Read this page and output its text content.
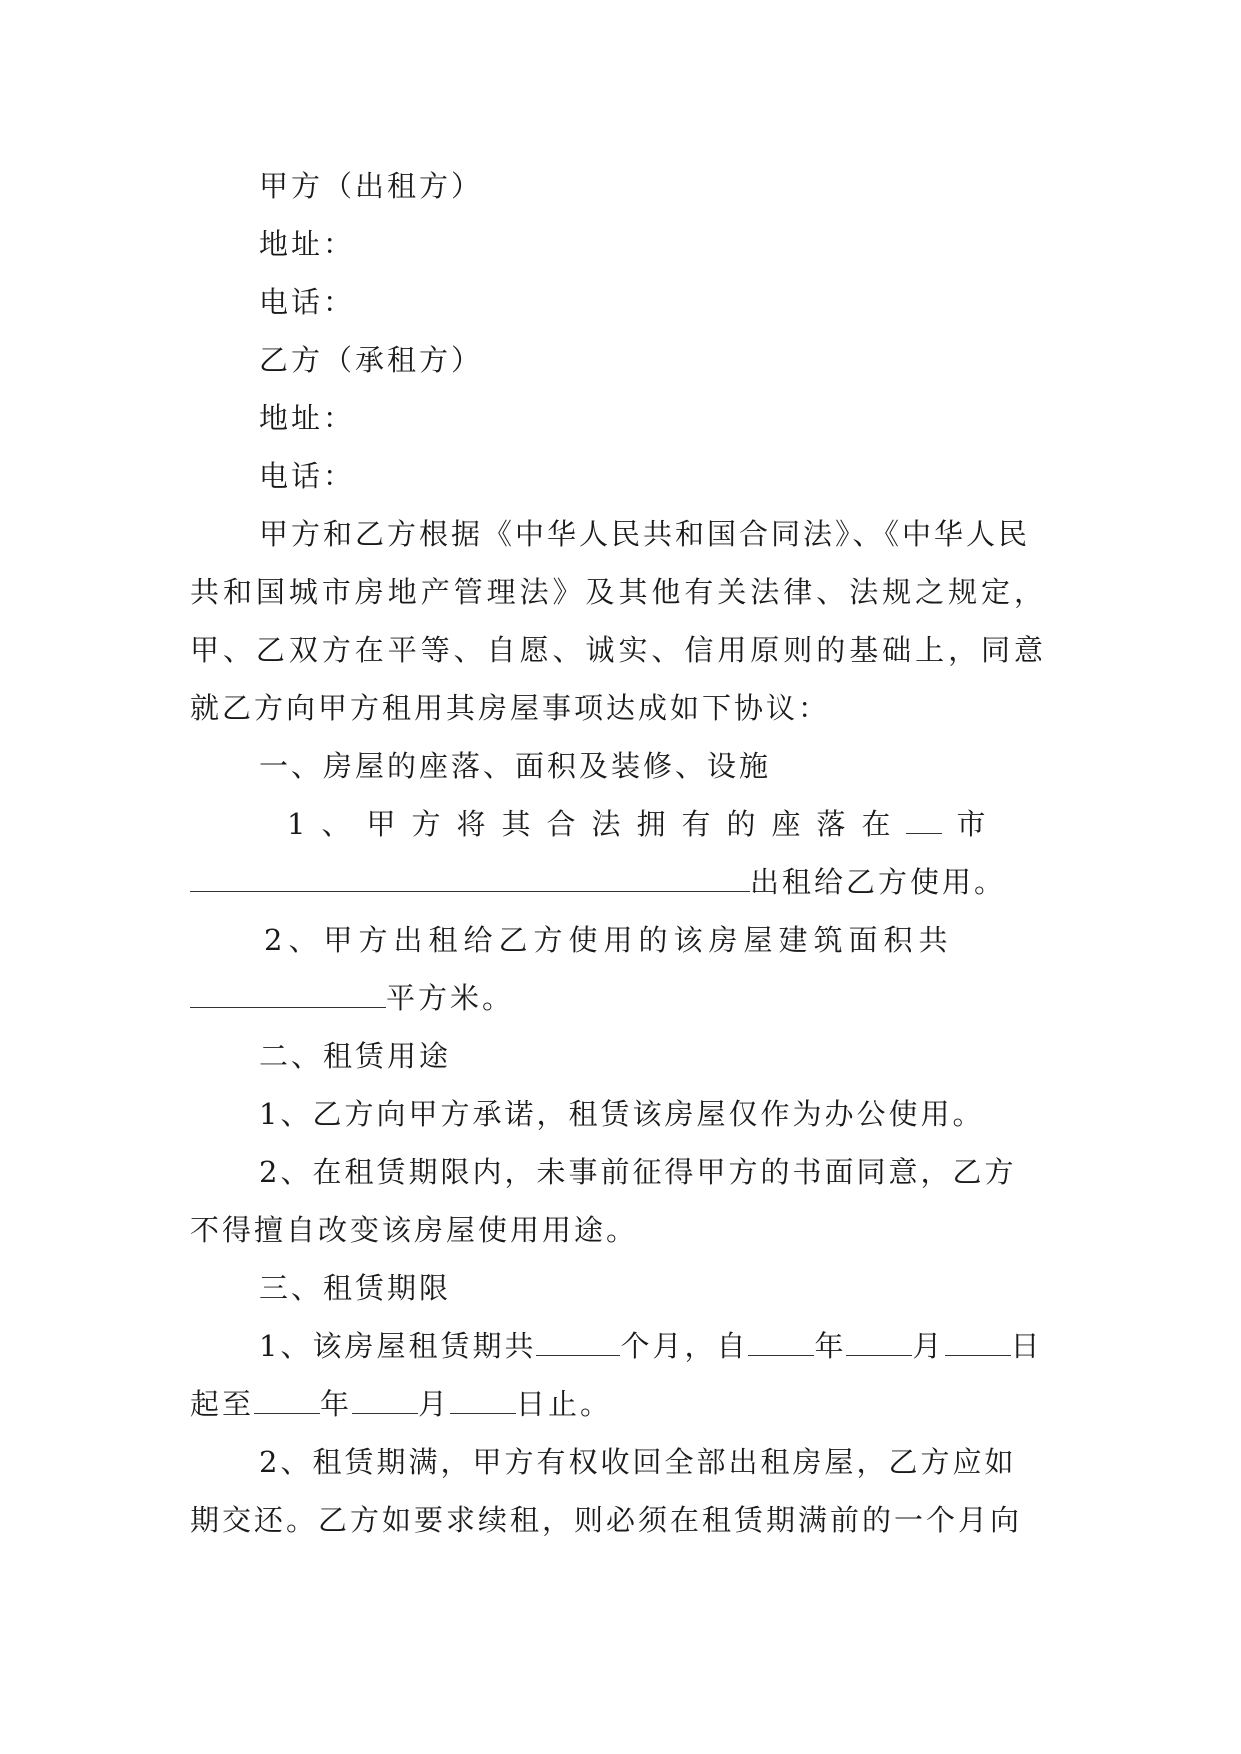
甲方（出租方）
地址：
电话：
乙方（承租方）
地址：
电话：
甲方和乙方根据《中华人民共和国合同法》、《中华人民
共和国城市房地产管理法》及其他有关法律、法规之规定，
甲、乙双方在平等、自愿、诚实、信用原则的基础上，同意
就乙方向甲方租用其房屋事项达成如下协议：
一、房屋的座落、面积及装修、设施
1、甲方将其合法拥有的座落在 市
出租给乙方使用。
2、甲方出租给乙方使用的该房屋建筑面积共
平方米。
二、租赁用途
1、乙方向甲方承诺，租赁该房屋仅作为办公使用。
2、在租赁期限内，未事前征得甲方的书面同意，乙方
不得擅自改变该房屋使用用途。
三、租赁期限
1、该房屋租赁期共	个月，自 年 月 日
起至 年 月 日止。
2、租赁期满，甲方有权收回全部出租房屋，乙方应如
期交还。乙方如要求续租，则必须在租赁期满前的一个月向
